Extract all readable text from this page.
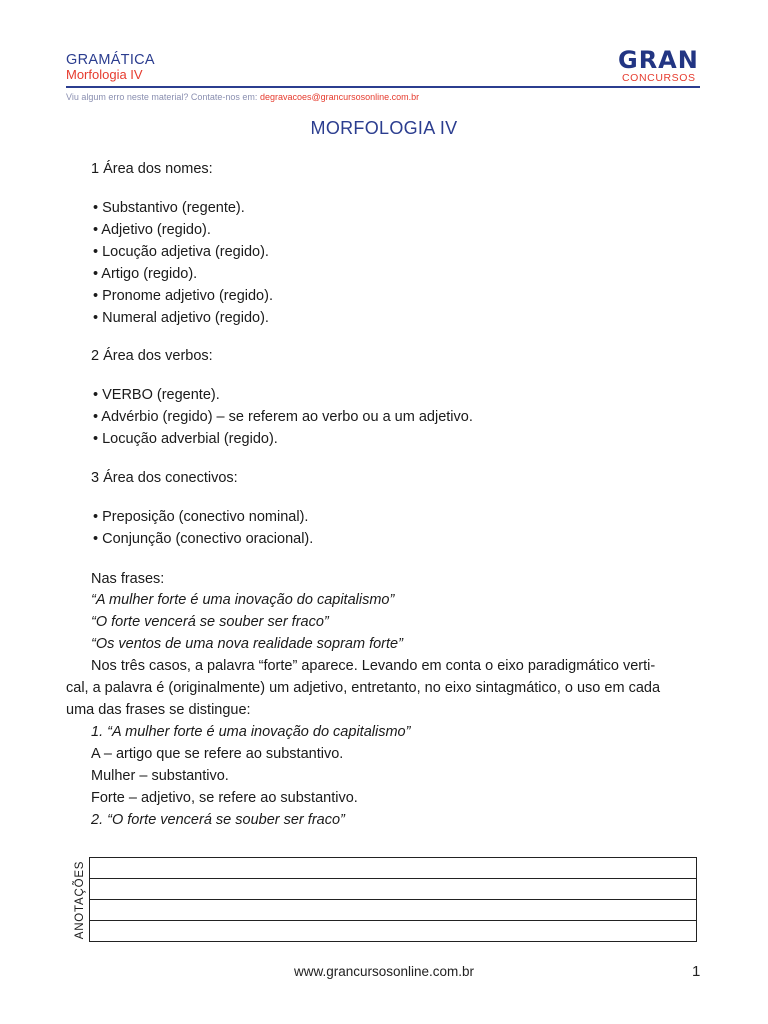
GRAMÁTICA
Morfologia IV
GRAN
CONCURSOS
Viu algum erro neste material? Contate-nos em: degravacoes@grancursosonline.com.br
MORFOLOGIA IV
1 Área dos nomes:
• Substantivo (regente).
• Adjetivo (regido).
• Locução adjetiva (regido).
• Artigo (regido).
• Pronome adjetivo (regido).
• Numeral adjetivo (regido).
2 Área dos verbos:
• VERBO (regente).
• Advérbio (regido) – se referem ao verbo ou a um adjetivo.
• Locução adverbial (regido).
3 Área dos conectivos:
• Preposição (conectivo nominal).
• Conjunção (conectivo oracional).
Nas frases:
“A mulher forte é uma inovação do capitalismo”
“O forte vencerá se souber ser fraco”
“Os ventos de uma nova realidade sopram forte”
Nos três casos, a palavra “forte” aparece. Levando em conta o eixo paradigmático verti-
cal, a palavra é (originalmente) um adjetivo, entretanto, no eixo sintagmático, o uso em cada
uma das frases se distingue:
1. “A mulher forte é uma inovação do capitalismo”
A – artigo que se refere ao substantivo.
Mulher – substantivo.
Forte – adjetivo, se refere ao substantivo.
2. “O forte vencerá se souber ser fraco”
ANOTAÇÕES
www.grancursosonline.com.br	1
